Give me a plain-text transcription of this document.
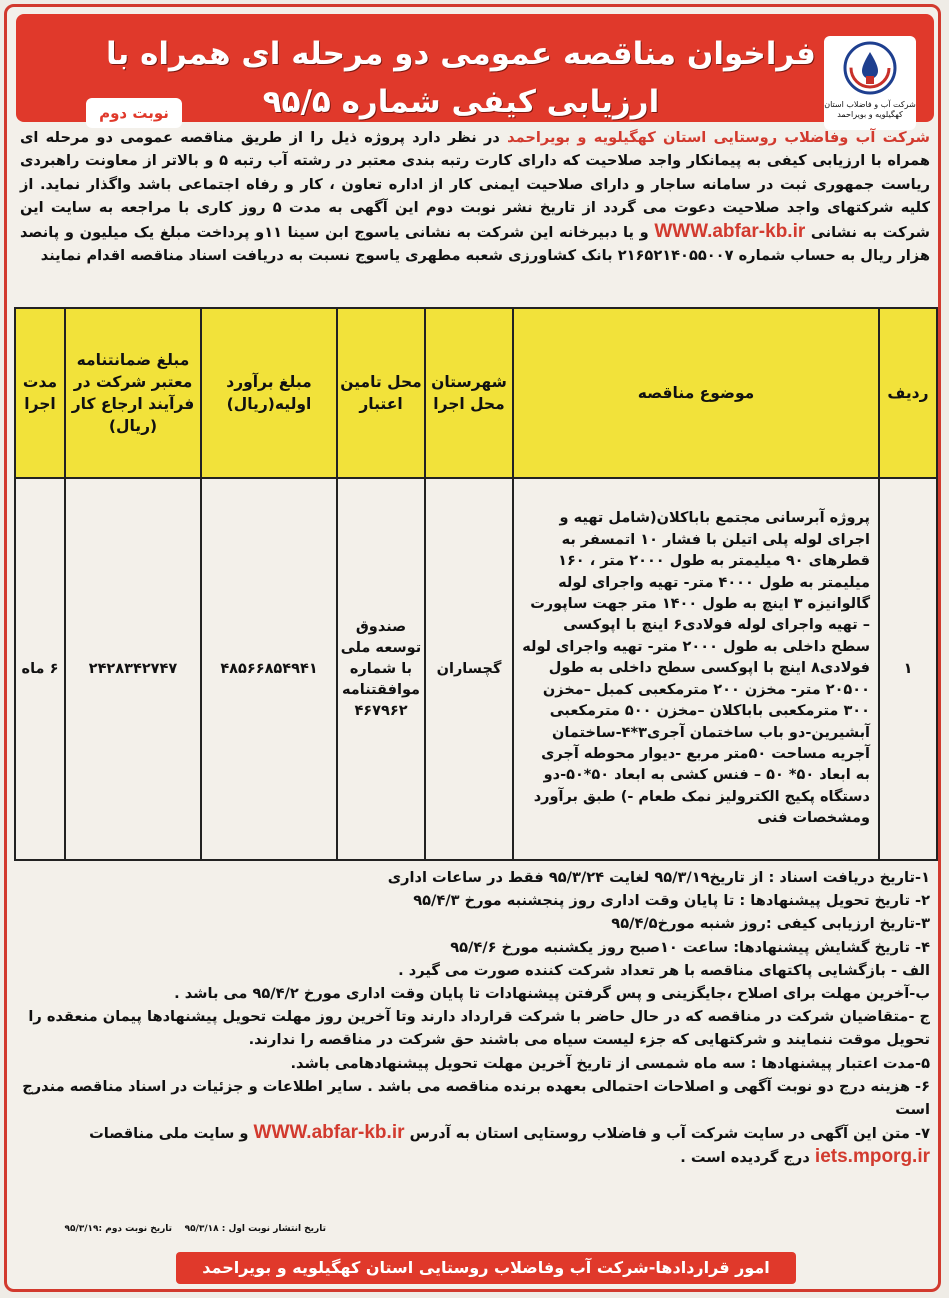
فراخوان مناقصه عمومی دو مرحله ای همراه با
ارزیابی کیفی شماره ۹۵/۵
نوبت دوم	شرکت آب و فاضلاب استان
کهگیلویه و بویراحمد
شرکت آب وفاضلاب روستایی استان کهگیلویه و بویراحمد در نظر دارد پروژه ذیل را از طریق مناقصه عمومی دو مرحله ای همراه با ارزیابی کیفی به پیمانکار واجد صلاحیت که دارای کارت رتبه بندی معتبر در رشته آب رتبه ۵ و بالاتر از معاونت راهبردی ریاست جمهوری ثبت در سامانه ساجار و دارای صلاحیت ایمنی کار از اداره تعاون ، کار و رفاه اجتماعی باشد واگذار نماید. از کلیه شرکتهای واجد صلاحیت دعوت می گردد از تاریخ نشر نوبت دوم این آگهی به مدت ۵ روز کاری با مراجعه به سایت این شرکت به نشانی WWW.abfar-kb.ir و یا دبیرخانه این شرکت به نشانی یاسوج ابن سینا ۱۱و پرداخت مبلغ یک میلیون و پانصد هزار ریال به حساب شماره ۲۱۶۵۲۱۴۰۵۵۰۰۷ بانک کشاورزی شعبه مطهری یاسوج نسبت به دریافت اسناد مناقصه اقدام نمایند
ردیف	موضوع مناقصه	شهرستان محل اجرا	محل تامین اعتبار	مبلغ برآورد اولیه(ریال)	مبلغ ضمانتنامه معتبر شرکت در فرآیند ارجاع کار (ریال)	مدت اجرا
۱	پروژه آبرسانی مجتمع باباکلان(شامل تهیه و اجرای لوله پلی اتیلن با فشار ۱۰ اتمسفر به قطرهای ۹۰ میلیمتر به طول ۲۰۰۰ متر ، ۱۶۰ میلیمتر به طول ۴۰۰۰ متر- تهیه واجرای لوله گالوانیزه ۳ اینچ به طول ۱۴۰۰ متر جهت ساپورت – تهیه واجرای لوله فولادی۶ اینچ با اپوکسی سطح داخلی به طول ۲۰۰۰ متر- تهیه واجرای لوله فولادی۸ اینچ با اپوکسی سطح داخلی به طول ۲۰۵۰۰ متر- مخزن ۲۰۰ مترمکعبی کمبل –مخزن ۳۰۰ مترمکعبی باباکلان –مخزن ۵۰۰ مترمکعبی آبشیرین-دو باب ساختمان آجری۳*۴-ساختمان آجریه مساحت ۵۰متر مربع -دیوار محوطه آجری به ابعاد ۵۰* ۵۰ – فنس کشی به ابعاد ۵۰*۵۰-دو دستگاه پکیج الکترولیز نمک طعام -) طبق برآورد ومشخصات فنی	گچساران	صندوق توسعه ملی با شماره موافقتنامه ۴۶۷۹۶۲	۴۸۵۶۶۸۵۴۹۴۱	۲۴۲۸۳۴۲۷۴۷	۶ ماه
۱-تاریخ دریافت اسناد : از تاریخ۹۵/۳/۱۹ لغایت ۹۵/۳/۲۴ فقط در ساعات اداری
۲- تاریخ تحویل پیشنهادها : تا پایان وقت اداری روز پنجشنبه مورخ ۹۵/۴/۳
۳-تاریخ ارزیابی کیفی :روز شنبه مورخ۹۵/۴/۵
۴- تاریخ گشایش پیشنهادها: ساعت ۱۰صبح روز یکشنبه مورخ ۹۵/۴/۶
الف - بازگشایی پاکتهای مناقصه با هر تعداد شرکت کننده صورت می گیرد .
ب-آخرین مهلت برای اصلاح ،جایگزینی و پس گرفتن پیشنهادات تا پایان وقت اداری مورخ ۹۵/۴/۲ می باشد .
ج -متقاضیان شرکت در مناقصه که در حال حاضر با شرکت قرارداد دارند وتا آخرین روز مهلت تحویل پیشنهادها پیمان منعقده را تحویل موقت ننمایند و شرکتهایی که جزء لیست سیاه می باشند حق شرکت در مناقصه را ندارند.
۵-مدت اعتبار پیشنهادها : سه ماه شمسی از تاریخ آخرین مهلت تحویل پیشنهادهامی باشد.
۶- هزینه درج دو نوبت آگهی و اصلاحات احتمالی بعهده برنده مناقصه می باشد . سایر اطلاعات و جزئیات در اسناد مناقصه مندرج است
۷- متن این آگهی در سایت شرکت آب و فاضلاب روستایی استان به آدرس WWW.abfar-kb.ir و سایت ملی مناقصات iets.mporg.ir درج گردیده است .
تاریخ انتشار نوبت اول : ۹۵/۳/۱۸    تاریخ نوبت دوم :۹۵/۳/۱۹
امور قراردادها-شرکت آب وفاضلاب روستایی استان کهگیلویه و بویراحمد
